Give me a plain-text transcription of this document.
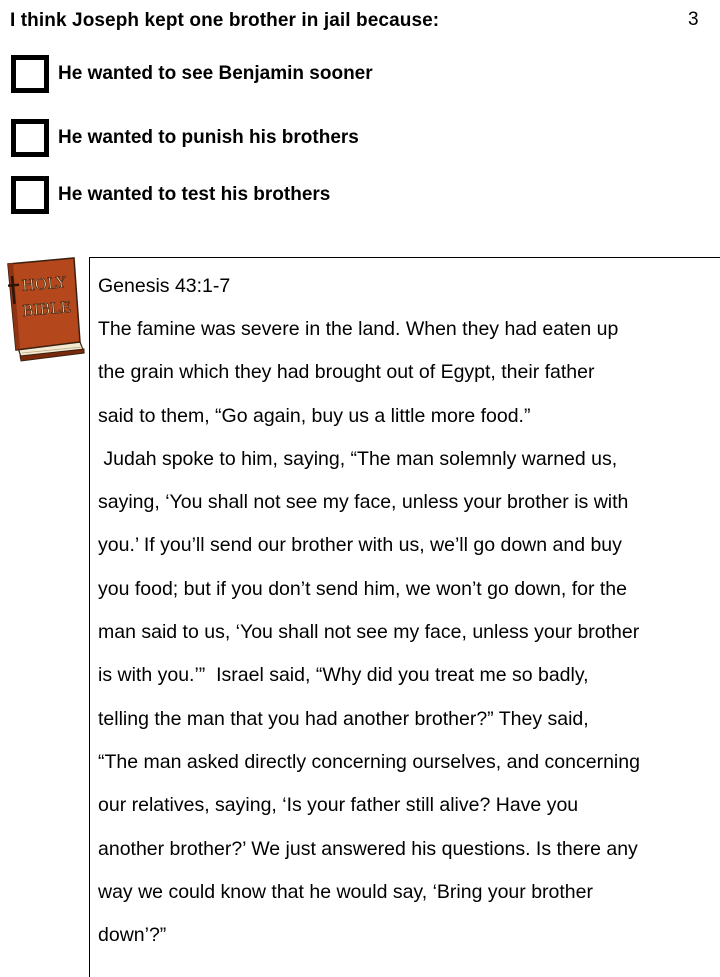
I think Joseph kept one brother in jail because:	3
He wanted to see Benjamin sooner
He wanted to punish his brothers
He wanted to test his brothers
HOLY
BIBLE
Genesis 43:1-7
The famine was severe in the land. When they had eaten up
the grain which they had brought out of Egypt, their father
said to them, “Go again, buy us a little more food.”
Judah spoke to him, saying, “The man solemnly warned us,
saying, ‘You shall not see my face, unless your brother is with
you.’ If you’ll send our brother with us, we’ll go down and buy
you food; but if you don’t send him, we won’t go down, for the
man said to us, ‘You shall not see my face, unless your brother
is with you.’”  Israel said, “Why did you treat me so badly,
telling the man that you had another brother?” They said,
“The man asked directly concerning ourselves, and concerning
our relatives, saying, ‘Is your father still alive? Have you
another brother?’ We just answered his questions. Is there any
way we could know that he would say, ‘Bring your brother
down’?”
